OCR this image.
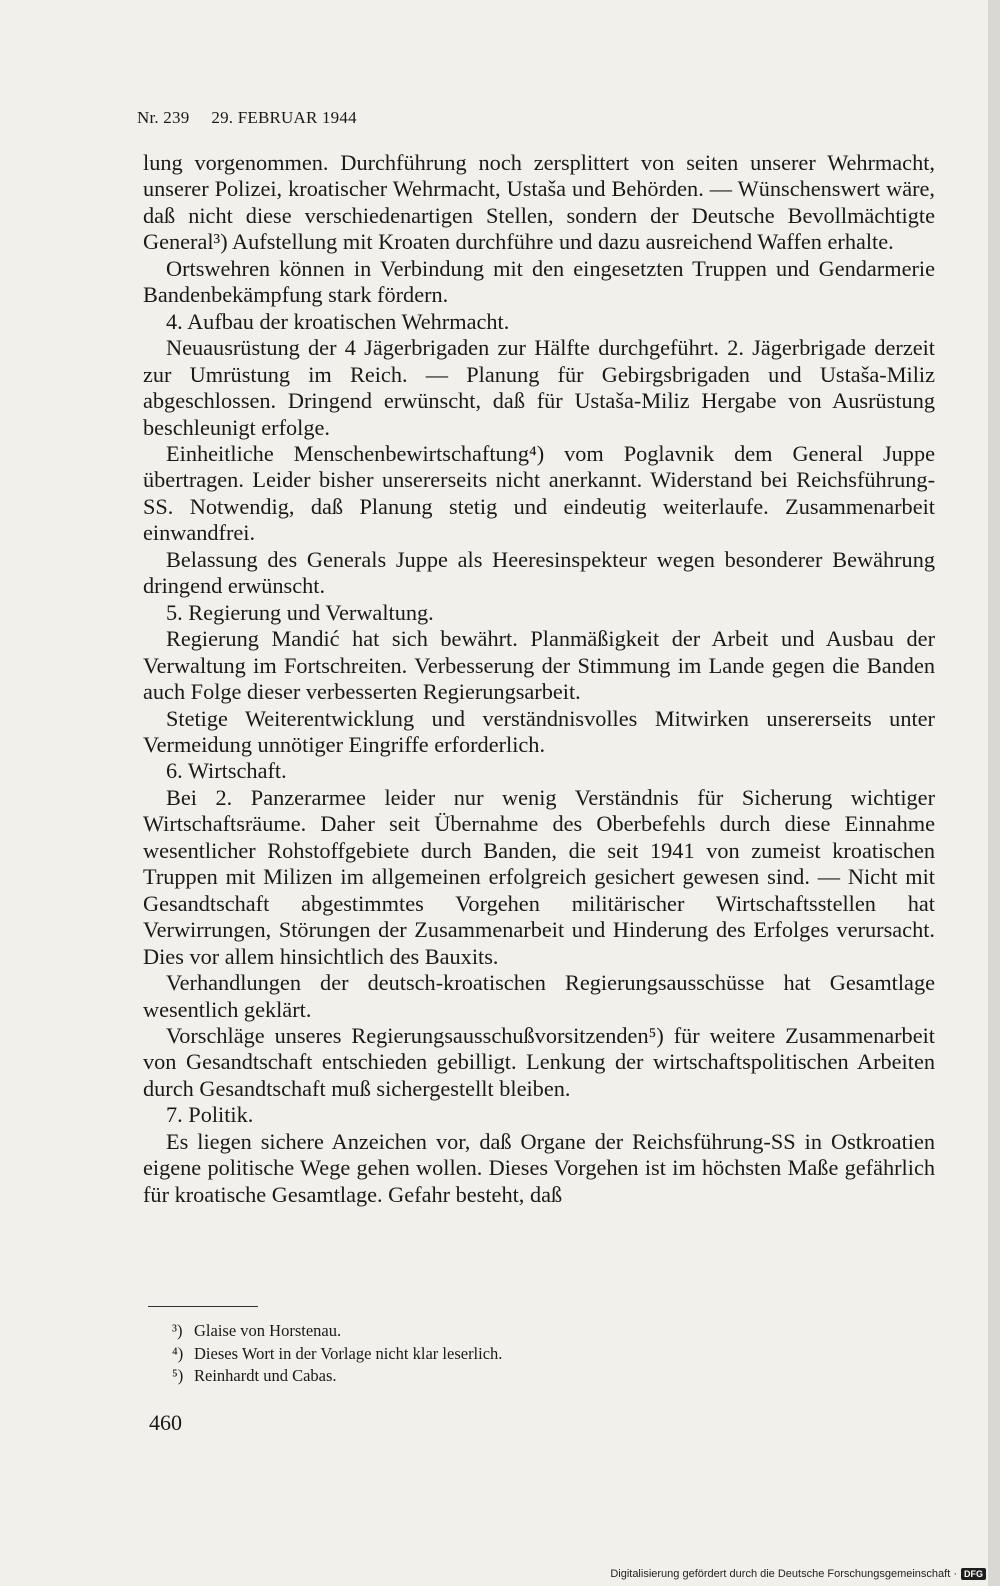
Nr. 239 29. FEBRUAR 1944

lung vorgenommen. Durchführung noch zersplittert von seiten unserer Wehrmacht, unserer Polizei, kroatischer Wehrmacht, Ustaša und Behörden. — Wünschenswert wäre, daß nicht diese verschiedenartigen Stellen, sondern der Deutsche Bevollmächtigte General³) Aufstellung mit Kroaten durchführe und dazu ausreichend Waffen erhalte.

Ortswehren können in Verbindung mit den eingesetzten Truppen und Gendarmerie Bandenbekämpfung stark fördern.

4. Aufbau der kroatischen Wehrmacht.

Neuausrüstung der 4 Jägerbrigaden zur Hälfte durchgeführt. 2. Jägerbrigade derzeit zur Umrüstung im Reich. — Planung für Gebirgsbrigaden und Ustaša-Miliz abgeschlossen. Dringend erwünscht, daß für Ustaša-Miliz Hergabe von Ausrüstung beschleunigt erfolge.

Einheitliche Menschenbewirtschaftung⁴) vom Poglavnik dem General Juppe übertragen. Leider bisher unsererseits nicht anerkannt. Widerstand bei Reichsführung-SS. Notwendig, daß Planung stetig und eindeutig weiterlaufe. Zusammenarbeit einwandfrei.

Belassung des Generals Juppe als Heeresinspekteur wegen besonderer Bewährung dringend erwünscht.

5. Regierung und Verwaltung.

Regierung Mandić hat sich bewährt. Planmäßigkeit der Arbeit und Ausbau der Verwaltung im Fortschreiten. Verbesserung der Stimmung im Lande gegen die Banden auch Folge dieser verbesserten Regierungsarbeit.

Stetige Weiterentwicklung und verständnisvolles Mitwirken unsererseits unter Vermeidung unnötiger Eingriffe erforderlich.

6. Wirtschaft.

Bei 2. Panzerarmee leider nur wenig Verständnis für Sicherung wichtiger Wirtschaftsräume. Daher seit Übernahme des Oberbefehls durch diese Einnahme wesentlicher Rohstoffgebiete durch Banden, die seit 1941 von zumeist kroatischen Truppen mit Milizen im allgemeinen erfolgreich gesichert gewesen sind. — Nicht mit Gesandtschaft abgestimmtes Vorgehen militärischer Wirtschaftsstellen hat Verwirrungen, Störungen der Zusammenarbeit und Hinderung des Erfolges verursacht. Dies vor allem hinsichtlich des Bauxits.

Verhandlungen der deutsch-kroatischen Regierungsausschüsse hat Gesamtlage wesentlich geklärt.

Vorschläge unseres Regierungsausschußvorsitzenden⁵) für weitere Zusammenarbeit von Gesandtschaft entschieden gebilligt. Lenkung der wirtschaftspolitischen Arbeiten durch Gesandtschaft muß sichergestellt bleiben.

7. Politik.

Es liegen sichere Anzeichen vor, daß Organe der Reichsführung-SS in Ostkroatien eigene politische Wege gehen wollen. Dieses Vorgehen ist im höchsten Maße gefährlich für kroatische Gesamtlage. Gefahr besteht, daß

³) Glaise von Horstenau.
⁴) Dieses Wort in der Vorlage nicht klar leserlich.
⁵) Reinhardt und Cabas.
460
Digitalisierung gefördert durch die Deutsche Forschungsgemeinschaft · DFG
